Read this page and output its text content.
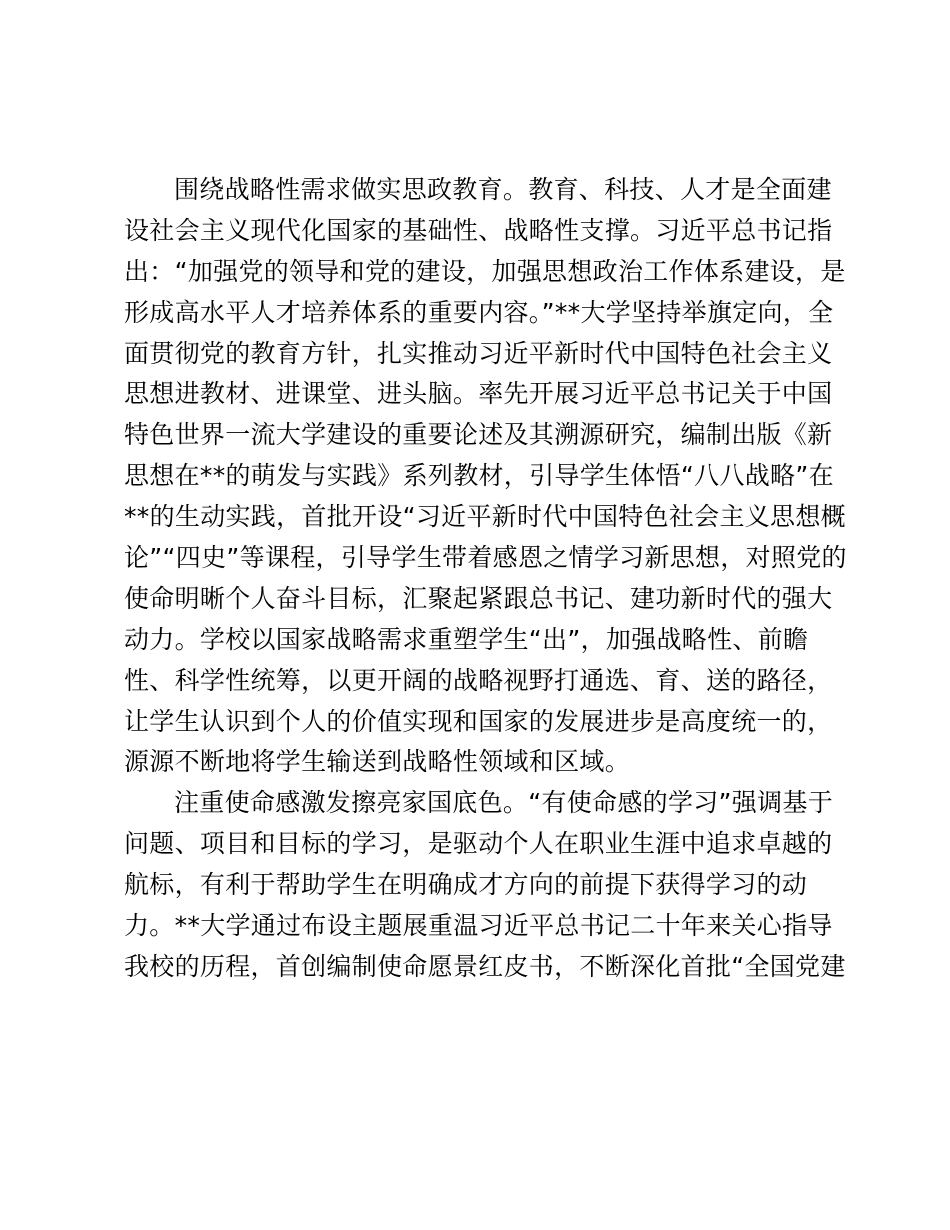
围绕战略性需求做实思政教育。教育、科技、人才是全面建
设社会主义现代化国家的基础性、战略性支撑。习近平总书记指
出：“加强党的领导和党的建设，加强思想政治工作体系建设，是
形成高水平人才培养体系的重要内容。”**大学坚持举旗定向，全
面贯彻党的教育方针，扎实推动习近平新时代中国特色社会主义
思想进教材、进课堂、进头脑。率先开展习近平总书记关于中国
特色世界一流大学建设的重要论述及其溯源研究，编制出版《新
思想在**的萌发与实践》系列教材，引导学生体悟“八八战略”在
**的生动实践，首批开设“习近平新时代中国特色社会主义思想概
论”“四史”等课程，引导学生带着感恩之情学习新思想，对照党的
使命明晰个人奋斗目标，汇聚起紧跟总书记、建功新时代的强大
动力。学校以国家战略需求重塑学生“出”，加强战略性、前瞻
性、科学性统筹，以更开阔的战略视野打通选、育、送的路径，
让学生认识到个人的价值实现和国家的发展进步是高度统一的，
源源不断地将学生输送到战略性领域和区域。
注重使命感激发擦亮家国底色。“有使命感的学习”强调基于
问题、项目和目标的学习，是驱动个人在职业生涯中追求卓越的
航标，有利于帮助学生在明确成才方向的前提下获得学习的动
力。**大学通过布设主题展重温习近平总书记二十年来关心指导
我校的历程，首创编制使命愿景红皮书，不断深化首批“全国党建
